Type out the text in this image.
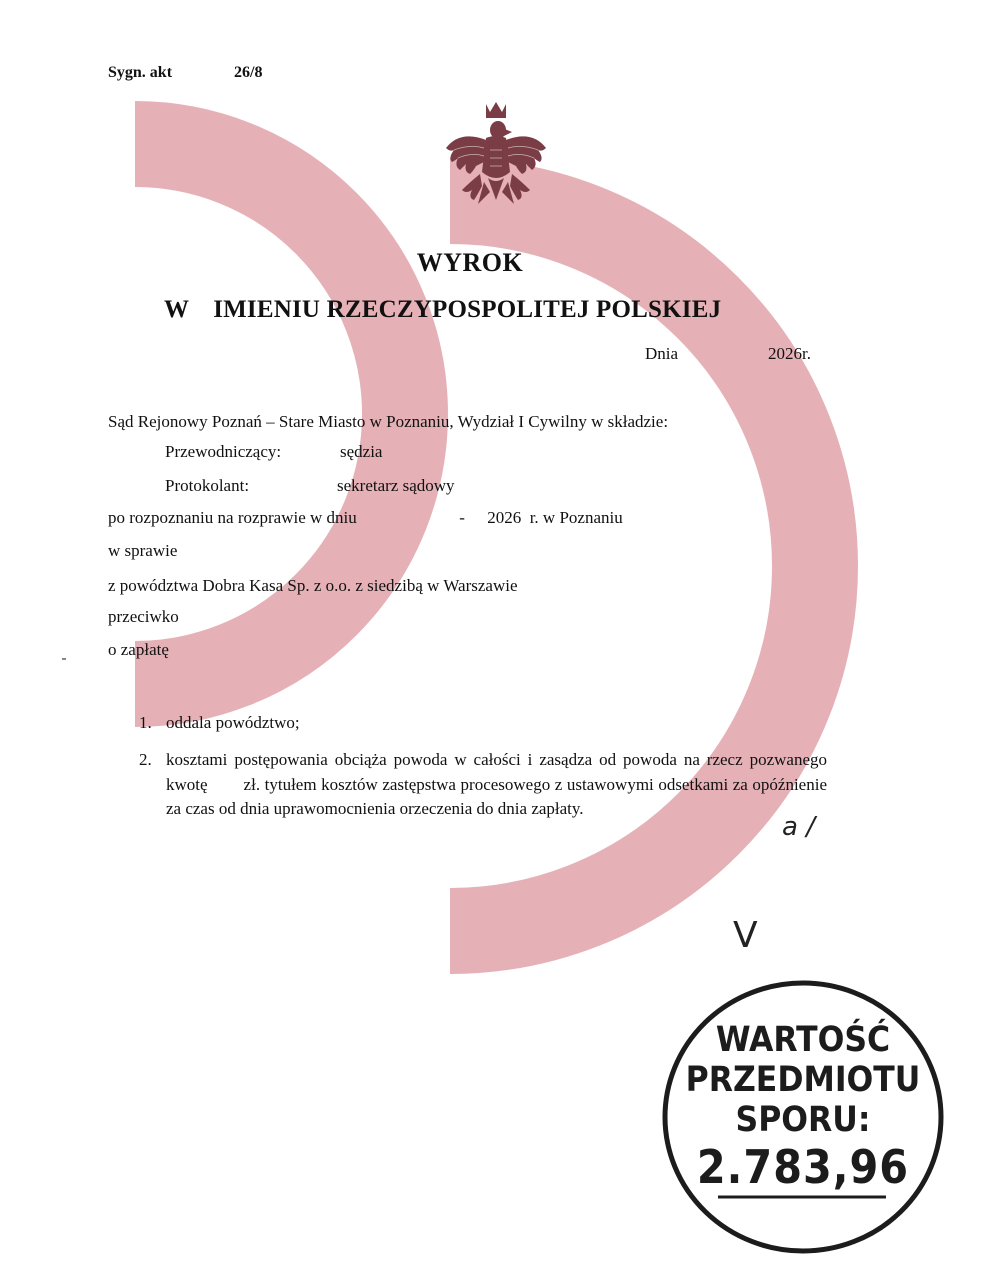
Sygn. akt	26/8
WYROK
W IMIENIU RZECZYPOSPOLITEJ POLSKIEJ
Dnia	2026r.
Sąd Rejonowy Poznań – Stare Miasto w Poznaniu, Wydział I Cywilny w składzie:
Przewodniczący:	sędzia
Protokolant:	sekretarz sądowy
po rozpoznaniu na rozprawie w dniu	- 2026 r. w Poznaniu
w sprawie
z powództwa Dobra Kasa Sp. z o.o. z siedzibą w Warszawie
przeciwko
o zapłatę
1. oddala powództwo;
2. kosztami postępowania obciąża powoda w całości i zasądza od powoda na rzecz pozwanego kwotę zł. tytułem kosztów zastępstwa procesowego z ustawowymi odsetkami za opóźnienie za czas od dnia uprawomocnienia orzeczenia do dnia zapłaty.
a /
V
WARTOŚĆ
PRZEDMIOTU
SPORU:
2.783,96
